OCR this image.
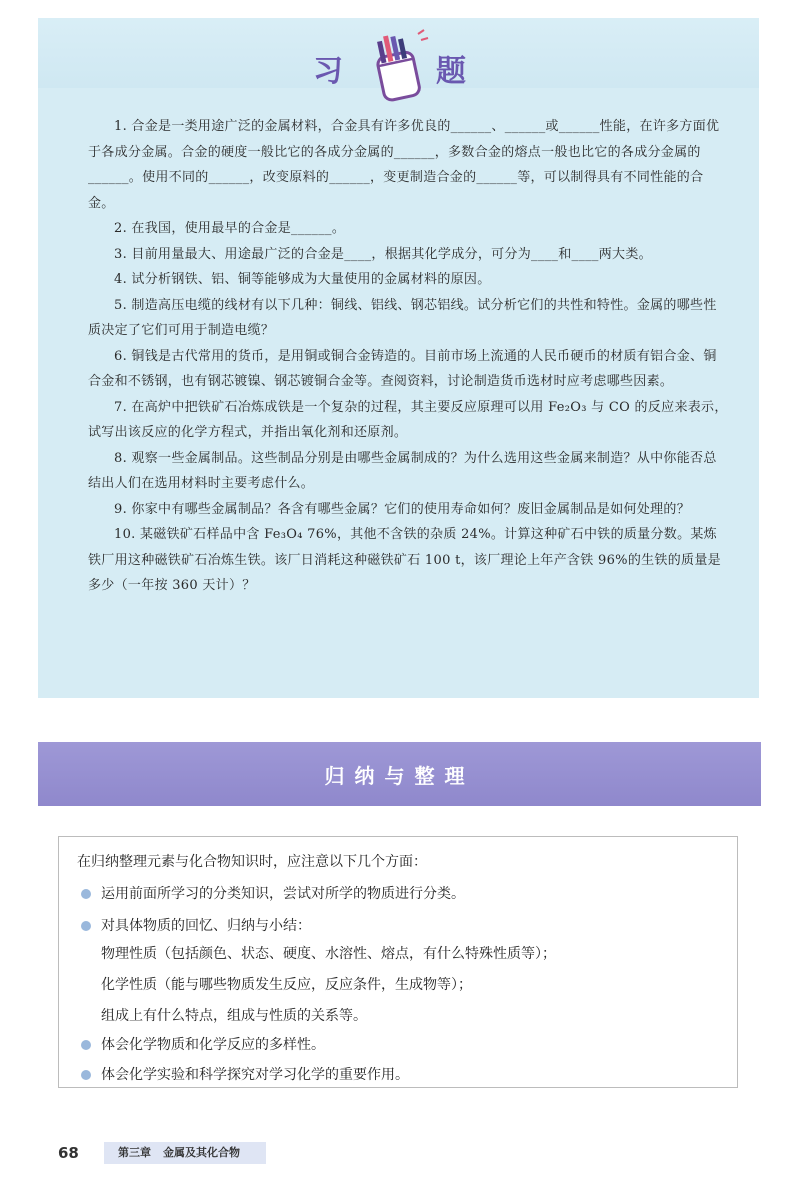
习	题

1. 合金是一类用途广泛的金属材料，合金具有许多优良的______、______或______性能，在许多方面优于各成分金属。合金的硬度一般比它的各成分金属的______，多数合金的熔点一般也比它的各成分金属的______。使用不同的______，改变原料的______，变更制造合金的______等，可以制得具有不同性能的合金。

2. 在我国，使用最早的合金是______。

3. 目前用量最大、用途最广泛的合金是____，根据其化学成分，可分为____和____两大类。

4. 试分析钢铁、铝、铜等能够成为大量使用的金属材料的原因。

5. 制造高压电缆的线材有以下几种：铜线、铝线、钢芯铝线。试分析它们的共性和特性。金属的哪些性质决定了它们可用于制造电缆？

6. 铜钱是古代常用的货币，是用铜或铜合金铸造的。目前市场上流通的人民币硬币的材质有铝合金、铜合金和不锈钢，也有钢芯镀镍、钢芯镀铜合金等。查阅资料，讨论制造货币选材时应考虑哪些因素。

7. 在高炉中把铁矿石冶炼成铁是一个复杂的过程，其主要反应原理可以用 Fe₂O₃ 与 CO 的反应来表示，试写出该反应的化学方程式，并指出氧化剂和还原剂。

8. 观察一些金属制品。这些制品分别是由哪些金属制成的？为什么选用这些金属来制造？从中你能否总结出人们在选用材料时主要考虑什么。

9. 你家中有哪些金属制品？各含有哪些金属？它们的使用寿命如何？废旧金属制品是如何处理的？

10. 某磁铁矿石样品中含 Fe₃O₄ 76%，其他不含铁的杂质 24%。计算这种矿石中铁的质量分数。某炼铁厂用这种磁铁矿石冶炼生铁。该厂日消耗这种磁铁矿石 100 t，该厂理论上年产含铁 96%的生铁的质量是多少（一年按 360 天计）？

归纳与整理
在归纳整理元素与化合物知识时，应注意以下几个方面：
运用前面所学习的分类知识，尝试对所学的物质进行分类。
对具体物质的回忆、归纳与小结：
物理性质（包括颜色、状态、硬度、水溶性、熔点，有什么特殊性质等）；
化学性质（能与哪些物质发生反应，反应条件，生成物等）；
组成上有什么特点，组成与性质的关系等。
体会化学物质和化学反应的多样性。
体会化学实验和科学探究对学习化学的重要作用。
68	第三章 金属及其化合物
